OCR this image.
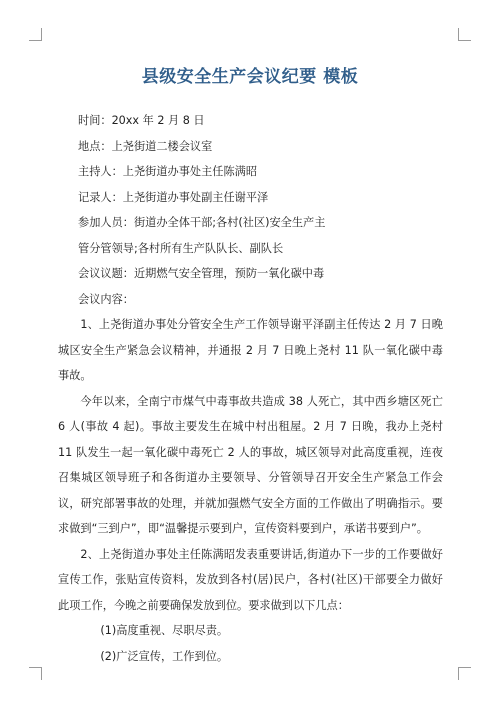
县级安全生产会议纪要 模板
时间：20xx 年 2 月 8 日
地点：上尧街道二楼会议室
主持人：上尧街道办事处主任陈满昭
记录人：上尧街道办事处副主任谢平泽
参加人员：街道办全体干部;各村(社区)安全生产主
管分管领导;各村所有生产队队长、副队长
会议议题：近期燃气安全管理，预防一氧化碳中毒
会议内容：
1、上尧街道办事处分管安全生产工作领导谢平泽副主任传达 2 月 7 日晚城区安全生产紧急会议精神，并通报 2 月 7 日晚上尧村 11 队一氧化碳中毒事故。
今年以来，全南宁市煤气中毒事故共造成 38 人死亡，其中西乡塘区死亡 6 人(事故 4 起)。事故主要发生在城中村出租屋。2 月 7 日晚，我办上尧村 11 队发生一起一氧化碳中毒死亡 2 人的事故，城区领导对此高度重视，连夜召集城区领导班子和各街道办主要领导、分管领导召开安全生产紧急工作会议，研究部署事故的处理，并就加强燃气安全方面的工作做出了明确指示。要求做到“三到户”，即“温馨提示要到户，宣传资料要到户，承诺书要到户”。
2、上尧街道办事处主任陈满昭发表重要讲话,街道办下一步的工作要做好宣传工作，张贴宣传资料，发放到各村(居)民户，各村(社区)干部要全力做好此项工作，今晚之前要确保发放到位。要求做到以下几点：
(1)高度重视、尽职尽责。
(2)广泛宣传，工作到位。
